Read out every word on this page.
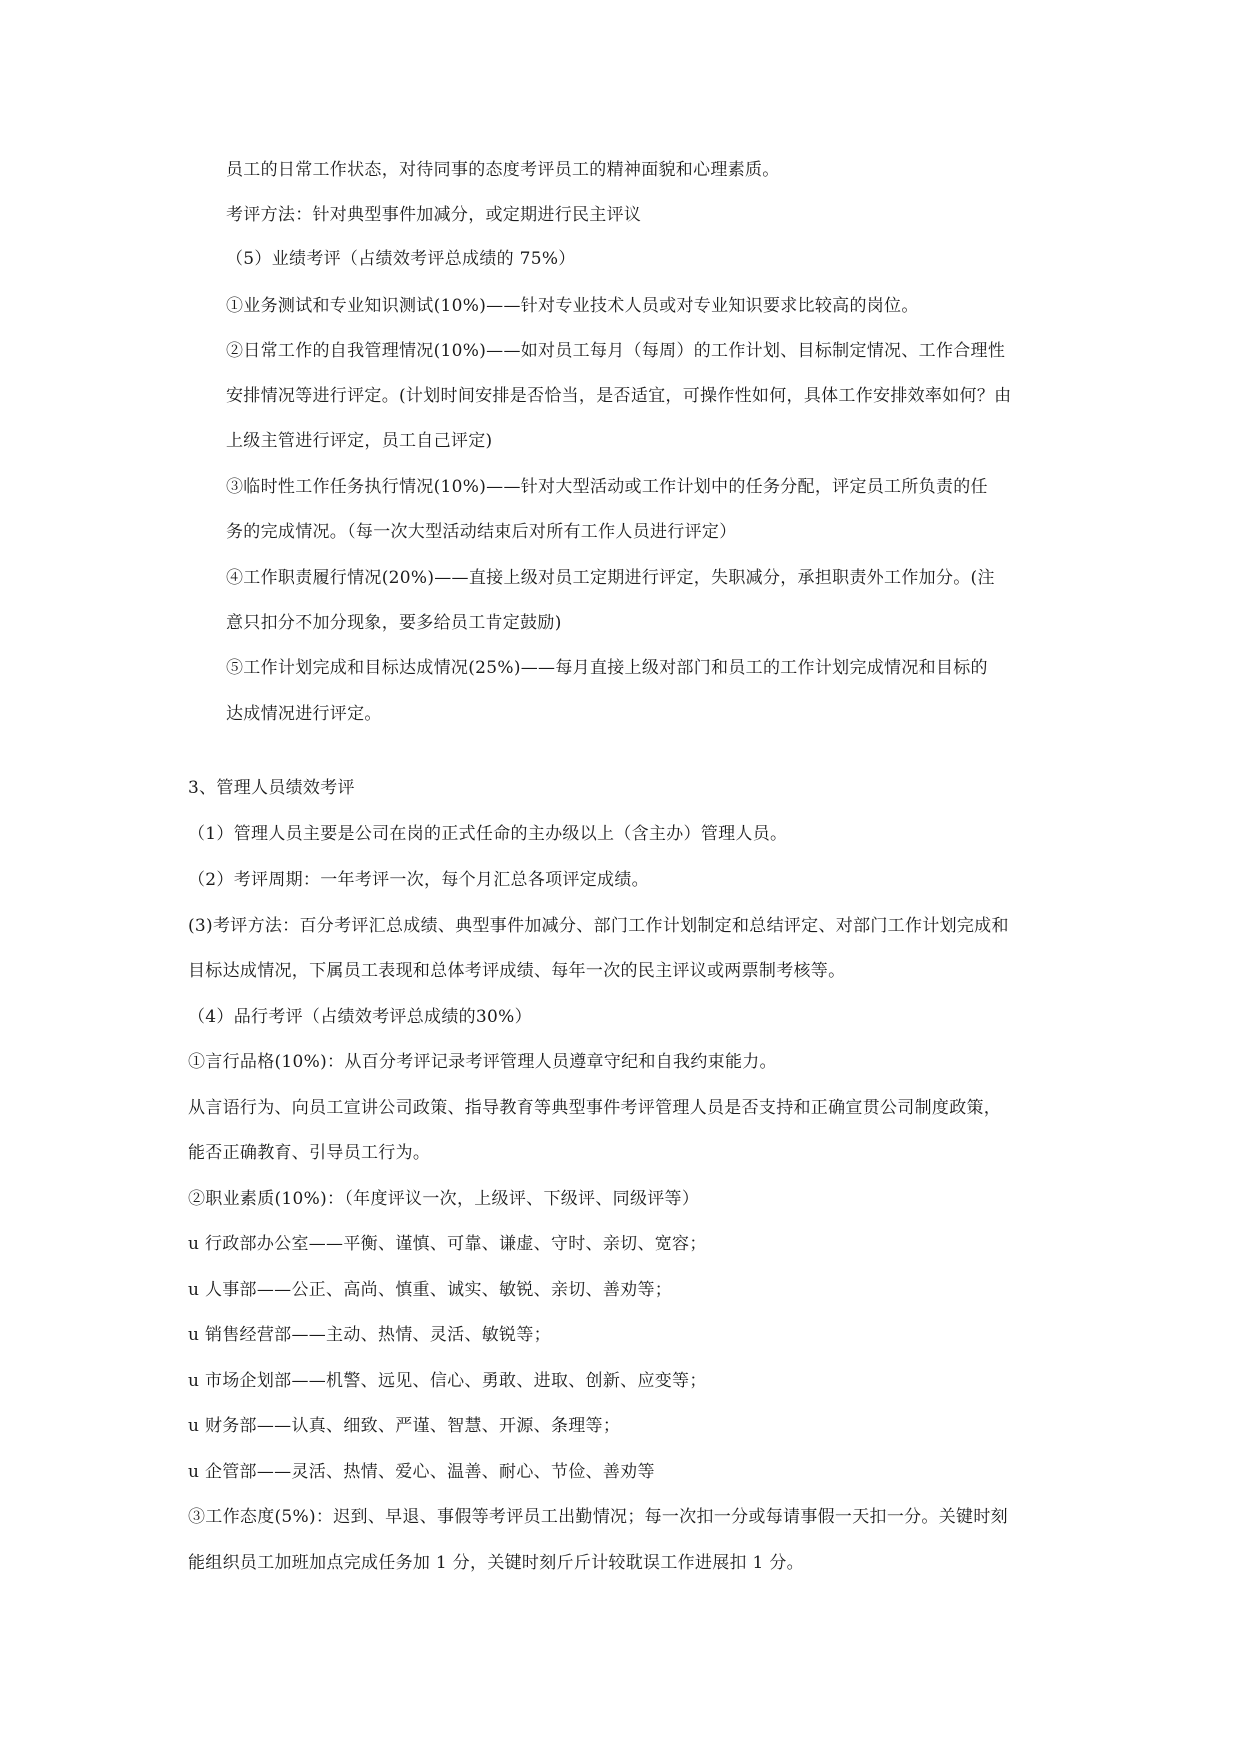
员工的日常工作状态，对待同事的态度考评员工的精神面貌和心理素质。

考评方法：针对典型事件加减分，或定期进行民主评议

（5）业绩考评（占绩效考评总成绩的 75%）

①业务测试和专业知识测试(10%)——针对专业技术人员或对专业知识要求比较高的岗位。

②日常工作的自我管理情况(10%)——如对员工每月（每周）的工作计划、目标制定情况、工作合理性

安排情况等进行评定。(计划时间安排是否恰当，是否适宜，可操作性如何，具体工作安排效率如何？由

上级主管进行评定，员工自己评定)

③临时性工作任务执行情况(10%)——针对大型活动或工作计划中的任务分配，评定员工所负责的任

务的完成情况。（每一次大型活动结束后对所有工作人员进行评定）

④工作职责履行情况(20%)——直接上级对员工定期进行评定，失职减分，承担职责外工作加分。(注

意只扣分不加分现象，要多给员工肯定鼓励)

⑤工作计划完成和目标达成情况(25%)——每月直接上级对部门和员工的工作计划完成情况和目标的

达成情况进行评定。

3、管理人员绩效考评

（1）管理人员主要是公司在岗的正式任命的主办级以上（含主办）管理人员。

（2）考评周期：一年考评一次，每个月汇总各项评定成绩。

(3)考评方法：百分考评汇总成绩、典型事件加减分、部门工作计划制定和总结评定、对部门工作计划完成和

目标达成情况，下属员工表现和总体考评成绩、每年一次的民主评议或两票制考核等。

（4）品行考评（占绩效考评总成绩的30%）

①言行品格(10%)：从百分考评记录考评管理人员遵章守纪和自我约束能力。

从言语行为、向员工宣讲公司政策、指导教育等典型事件考评管理人员是否支持和正确宣贯公司制度政策，

能否正确教育、引导员工行为。

②职业素质(10%)：（年度评议一次，上级评、下级评、同级评等）

u 行政部办公室——平衡、谨慎、可靠、谦虚、守时、亲切、宽容；

u 人事部——公正、高尚、慎重、诚实、敏锐、亲切、善劝等；

u 销售经营部——主动、热情、灵活、敏锐等；

u 市场企划部——机警、远见、信心、勇敢、进取、创新、应变等；

u 财务部——认真、细致、严谨、智慧、开源、条理等；

u 企管部——灵活、热情、爱心、温善、耐心、节俭、善劝等

③工作态度(5%)：迟到、早退、事假等考评员工出勤情况；每一次扣一分或每请事假一天扣一分。关键时刻

能组织员工加班加点完成任务加 1 分，关键时刻斤斤计较耽误工作进展扣 1 分。
